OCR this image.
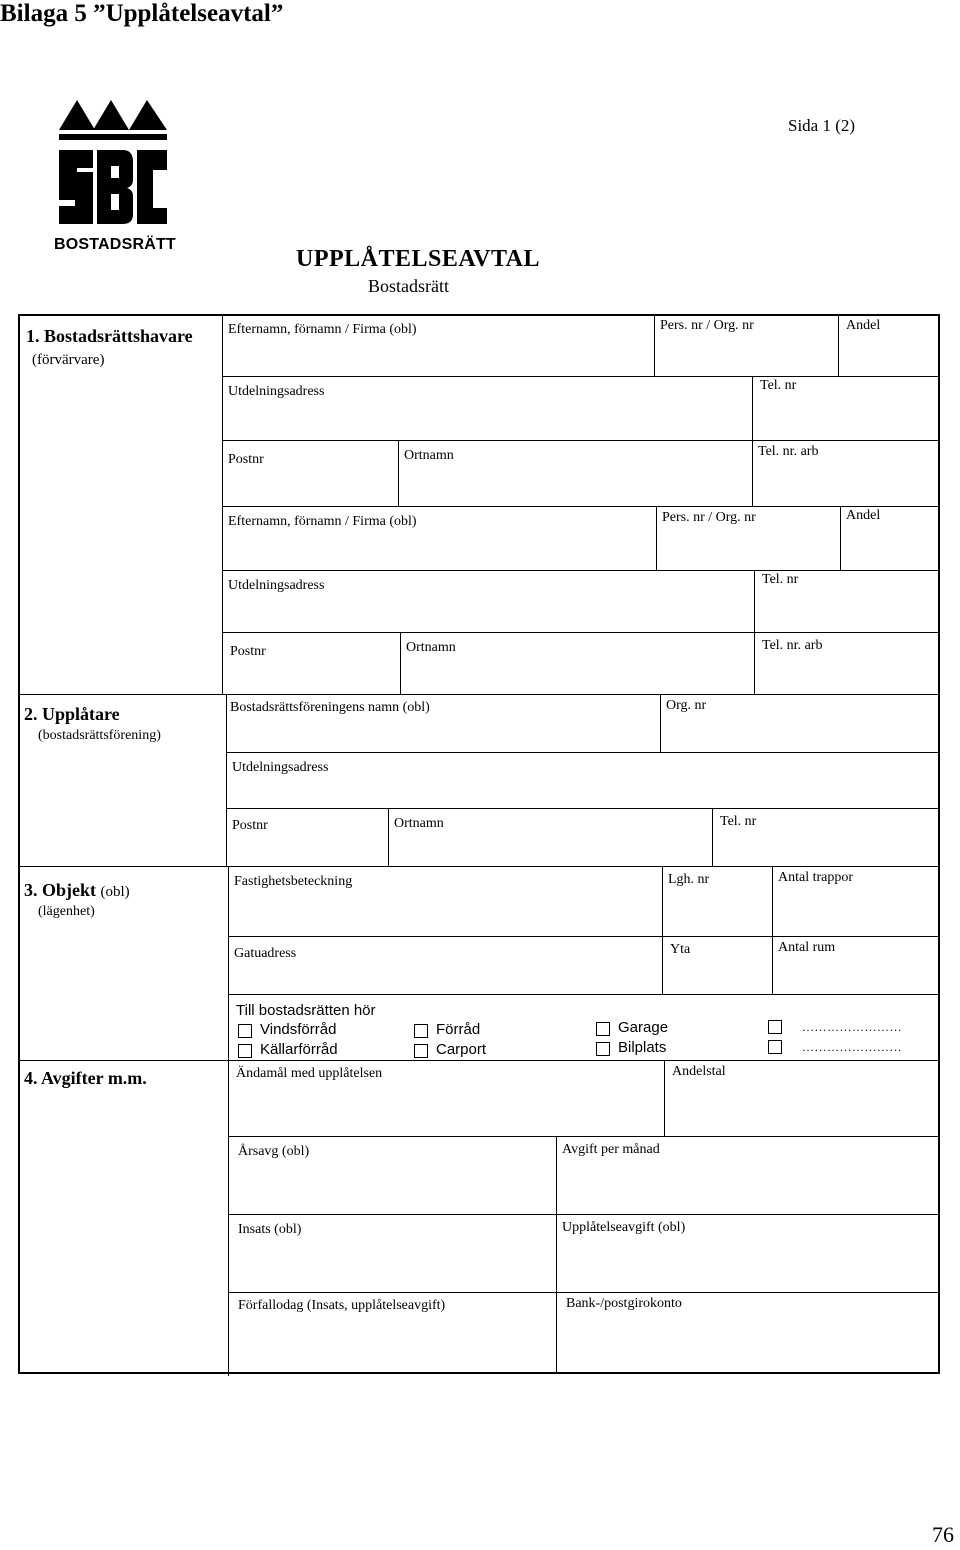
Bilaga 5 ”Upplåtelseavtal”
BOSTADSRÄTT
Sida 1 (2)
UPPLÅTELSEAVTAL
Bostadsrätt
1. Bostadsrättshavare
(förvärvare)
Efternamn, förnamn / Firma (obl)	Pers. nr / Org. nr	Andel
Utdelningsadress	Tel. nr
Postnr	Ortnamn	Tel. nr. arb
Efternamn, förnamn / Firma (obl)	Pers. nr / Org. nr	Andel
Utdelningsadress	Tel. nr
Postnr	Ortnamn	Tel. nr. arb
2. Upplåtare
(bostadsrättsförening)
Bostadsrättsföreningens namn (obl)	Org. nr
Utdelningsadress
Postnr	Ortnamn	Tel. nr
3. Objekt (obl)
(lägenhet)
Fastighetsbeteckning	Lgh. nr	Antal trappor
Gatuadress	Yta	Antal rum
Till bostadsrätten hör
Vindsförråd	Förråd	Garage	……………………
Källarförråd	Carport	Bilplats	……………………
4. Avgifter m.m.	Ändamål med upplåtelsen	Andelstal
Årsavg (obl)	Avgift per månad
Insats (obl)	Upplåtelseavgift (obl)
Förfallodag (Insats, upplåtelseavgift)	Bank-/postgirokonto
76
